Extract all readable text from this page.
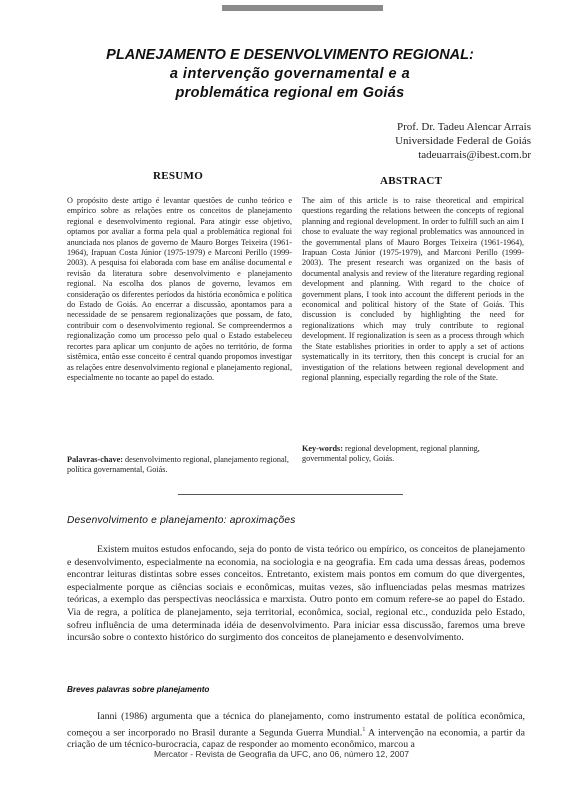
PLANEJAMENTO E DESENVOLVIMENTO REGIONAL:
a intervenção governamental e a
problemática regional em Goiás
Prof. Dr. Tadeu Alencar Arrais
Universidade Federal de Goiás
tadeuarrais@ibest.com.br
RESUMO	ABSTRACT
O propósito deste artigo é levantar questões de cunho teórico e empírico sobre as relações entre os conceitos de planejamento regional e desenvolvimento regional. Para atingir esse objetivo, optamos por avaliar a forma pela qual a problemática regional foi anunciada nos planos de governo de Mauro Borges Teixeira (1961-1964), Irapuan Costa Júnior (1975-1979) e Marconi Perillo (1999-2003). A pesquisa foi elaborada com base em análise documental e revisão da literatura sobre desenvolvimento e planejamento regional. Na escolha dos planos de governo, levamos em consideração os diferentes períodos da história econômica e política do Estado de Goiás. Ao encerrar a discussão, apontamos para a necessidade de se pensarem regionalizações que possam, de fato, contribuir com o desenvolvimento regional. Se compreendermos a regionalização como um processo pelo qual o Estado estabeleceu recortes para aplicar um conjunto de ações no território, de forma sistêmica, então esse conceito é central quando propomos investigar as relações entre desenvolvimento regional e planejamento regional, especialmente no tocante ao papel do estado.
The aim of this article is to raise theoretical and empirical questions regarding the relations between the concepts of regional planning and regional development. In order to fulfill such an aim I chose to evaluate the way regional problematics was announced in the governmental plans of Mauro Borges Teixeira (1961-1964), Irapuan Costa Júnior (1975-1979), and Marconi Perillo (1999-2003). The present research was organized on the basis of documental analysis and review of the literature regarding regional development and planning. With regard to the choice of government plans, I took into account the different periods in the economical and political history of the State of Goiás. This discussion is concluded by highlighting the need for regionalizations which may truly contribute to regional development. If regionalization is seen as a process through which the State establishes priorities in order to apply a set of actions systematically in its territory, then this concept is crucial for an investigation of the relations between regional development and regional planning, especially regarding the role of the State.
Palavras-chave: desenvolvimento regional, planejamento regional, política governamental, Goiás.
Key-words: regional development, regional planning, governmental policy, Goiás.
Desenvolvimento e planejamento: aproximações
Existem muitos estudos enfocando, seja do ponto de vista teórico ou empírico, os conceitos de planejamento e desenvolvimento, especialmente na economia, na sociologia e na geografia. Em cada uma dessas áreas, podemos encontrar leituras distintas sobre esses conceitos. Entretanto, existem mais pontos em comum do que divergentes, especialmente porque as ciências sociais e econômicas, muitas vezes, são influenciadas pelas mesmas matrizes teóricas, a exemplo das perspectivas neoclássica e marxista. Outro ponto em comum refere-se ao papel do Estado. Via de regra, a política de planejamento, seja territorial, econômica, social, regional etc., conduzida pelo Estado, sofreu influência de uma determinada idéia de desenvolvimento. Para iniciar essa discussão, faremos uma breve incursão sobre o contexto histórico do surgimento dos conceitos de planejamento e desenvolvimento.
Breves palavras sobre planejamento
Ianni (1986) argumenta que a técnica do planejamento, como instrumento estatal de política econômica, começou a ser incorporado no Brasil durante a Segunda Guerra Mundial.$^1$ A intervenção na economia, a partir da criação de um técnico-burocracia, capaz de responder ao momento econômico, marcou a
Mercator - Revista de Geografia da UFC, ano 06, número 12, 2007
